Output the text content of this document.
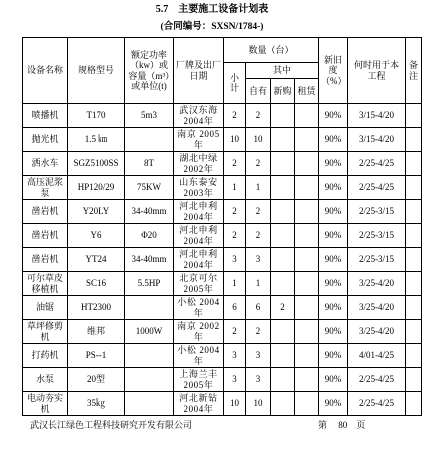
5.7　主要施工设备计划表
(合同编号：SXSN/1784-)
设备名称	规格型号	额定功率（kw）或容量（m³）或单位(t)	厂牌及出厂日期	数量（台）				新旧度（%）	何时用于本工程	备注
				小计	其中					
					自有	新购	租赁			
喷播机	T170	5m3	武汉东海 2004年	2	2			90%	3/15-4/20	
抛光机	1.5 ㎞		南京 2005年	10	10			90%	3/15-4/20	
洒水车	SGZ5100SS	8T	湖北中绿 2002年	2	2			90%	2/25-4/25	
高压泥浆泵	HP120/29	75KW	山东泰安 2003年	1	1			90%	2/25-4/25	
凿岩机	Y20LY	34-40mm	河北申利 2004年	2	2			90%	2/25-3/15	
凿岩机	Y6	Φ20	河北申利 2004年	2	2			90%	2/25-3/15	
凿岩机	YT24	34-40mm	河北申利 2004年	3	3			90%	2/25-3/15	
可尔草皮移植机	SC16	5.5HP	北京可尔 2005年	1	1			90%	3/25-4/20	
油锯	HT2300		小松 2004年	6	6	2		90%	3/25-4/20	
草坪修剪机	维邦	1000W	南京 2002年	2	2			90%	3/25-4/20	
打药机	PS--1		小松 2004年	3	3			90%	4/01-4/25	
水泵	20型		上海兰丰 2005年	3	3			90%	2/25-4/25	
电动夯实机	35㎏		河北新钻 2004年	10	10			90%	2/25-4/25	
武汉长江绿色工程科技研究开发有限公司	第　 80　页
